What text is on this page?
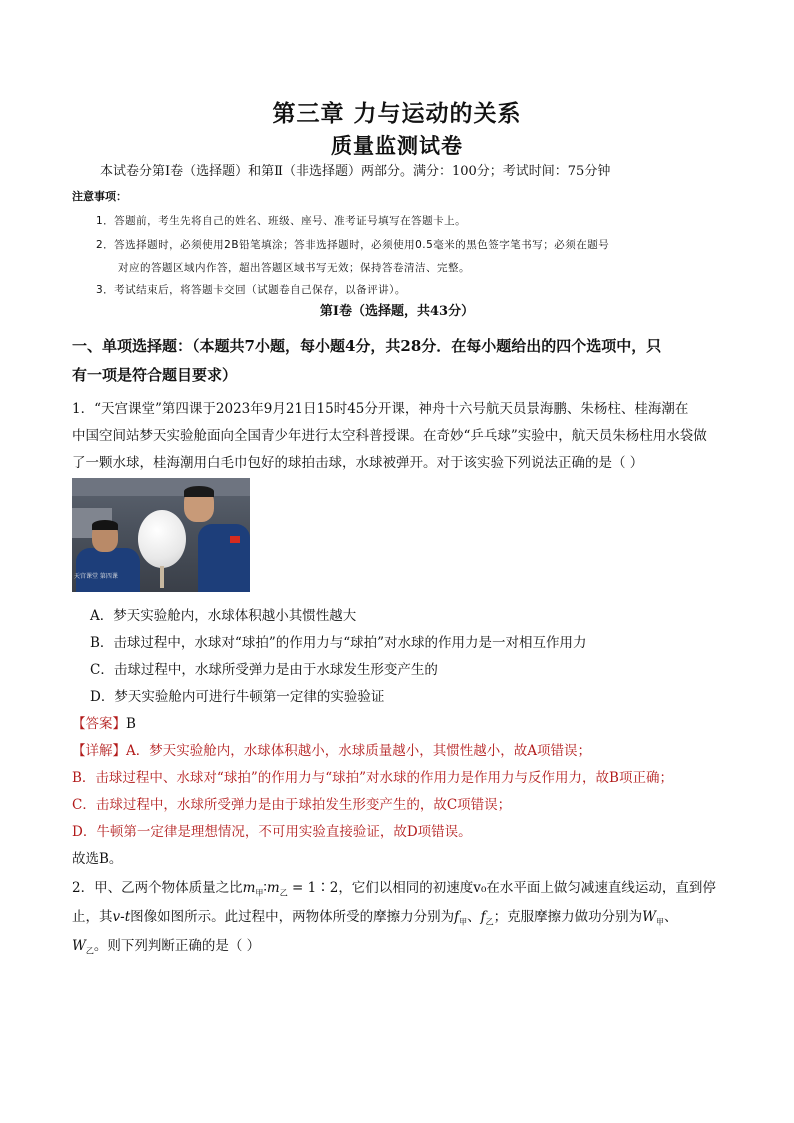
第三章 力与运动的关系
质量监测试卷
本试卷分第Ⅰ卷（选择题）和第Ⅱ（非选择题）两部分。满分：100分；考试时间：75分钟
注意事项：
1．答题前，考生先将自己的姓名、班级、座号、准考证号填写在答题卡上。
2．答选择题时，必须使用2B铅笔填涂；答非选择题时，必须使用0.5毫米的黑色签字笔书写；必须在题号
对应的答题区域内作答，超出答题区域书写无效；保持答卷清洁、完整。
3．考试结束后，将答题卡交回（试题卷自己保存，以备评讲）。
第Ⅰ卷（选择题，共43分）
一、单项选择题：（本题共7小题，每小题4分，共28分．在每小题给出的四个选项中，只
有一项是符合题目要求）
1．“天宫课堂”第四课于2023年9月21日15时45分开课，神舟十六号航天员景海鹏、朱杨柱、桂海潮在
中国空间站梦天实验舱面向全国青少年进行太空科普授课。在奇妙“乒乓球”实验中，航天员朱杨柱用水袋做
了一颗水球，桂海潮用白毛巾包好的球拍击球，水球被弹开。对于该实验下列说法正确的是（ ）
天宫课堂 第四课
A．梦天实验舱内，水球体积越小其惯性越大
B．击球过程中，水球对“球拍”的作用力与“球拍”对水球的作用力是一对相互作用力
C．击球过程中，水球所受弹力是由于水球发生形变产生的
D．梦天实验舱内可进行牛顿第一定律的实验验证
【答案】B
【详解】A．梦天实验舱内，水球体积越小，水球质量越小，其惯性越小，故A项错误；
B．击球过程中、水球对“球拍”的作用力与“球拍”对水球的作用力是作用力与反作用力，故B项正确；
C．击球过程中，水球所受弹力是由于球拍发生形变产生的，故C项错误；
D．牛顿第一定律是理想情况，不可用实验直接验证，故D项错误。
故选B。
2．甲、乙两个物体质量之比$m_甲∶m_乙$ = 1∶2，它们以相同的初速度v₀在水平面上做匀减速直线运动，直到停
止，其v-t图像如图所示。此过程中，两物体所受的摩擦力分别为$f_甲$、$f_乙$；克服摩擦力做功分别为$W_甲$、
$W_乙$。则下列判断正确的是（ ）
